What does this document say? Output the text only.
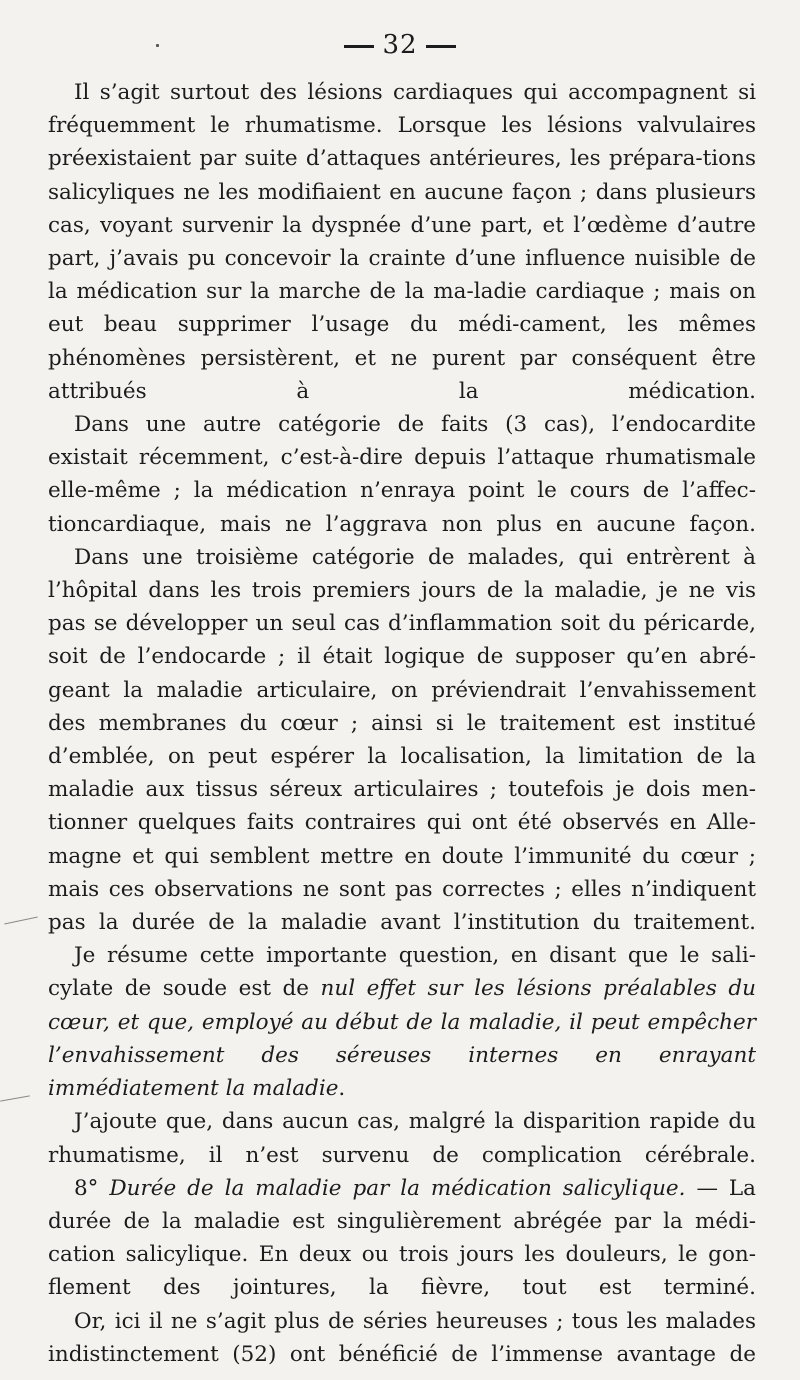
32

Il s’agit surtout des lésions cardiaques qui accompagnent si fréquemment le rhumatisme. Lorsque les lésions valvulaires préexistaient par suite d’attaques antérieures, les prépara-tions salicyliques ne les modifiaient en aucune façon ; dans plusieurs cas, voyant survenir la dyspnée d’une part, et l’œdème d’autre part, j’avais pu concevoir la crainte d’une influence nuisible de la médication sur la marche de la ma-ladie cardiaque ; mais on eut beau supprimer l’usage du médi-cament, les mêmes phénomènes persistèrent, et ne purent par conséquent être attribués à la médication.

Dans une autre catégorie de faits (3 cas), l’endocardite existait récemment, c’est-à-dire depuis l’attaque rhumatismale elle-même ; la médication n’enraya point le cours de l’affec-tioncardiaque, mais ne l’aggrava non plus en aucune façon.

Dans une troisième catégorie de malades, qui entrèrent à l’hôpital dans les trois premiers jours de la maladie, je ne vis pas se développer un seul cas d’inflammation soit du péricarde, soit de l’endocarde ; il était logique de supposer qu’en abré-geant la maladie articulaire, on préviendrait l’envahissement des membranes du cœur ; ainsi si le traitement est institué d’emblée, on peut espérer la localisation, la limitation de la maladie aux tissus séreux articulaires ; toutefois je dois men-tionner quelques faits contraires qui ont été observés en Alle-magne et qui semblent mettre en doute l’immunité du cœur ; mais ces observations ne sont pas correctes ; elles n’indiquent pas la durée de la maladie avant l’institution du traitement.

Je résume cette importante question, en disant que le sali-cylate de soude est de nul effet sur les lésions préalables du cœur, et que, employé au début de la maladie, il peut empêcher l’envahissement des séreuses internes en enrayant immédiatement la maladie.

J’ajoute que, dans aucun cas, malgré la disparition rapide du rhumatisme, il n’est survenu de complication cérébrale.

8° Durée de la maladie par la médication salicylique. — La durée de la maladie est singulièrement abrégée par la médi-cation salicylique. En deux ou trois jours les douleurs, le gon-flement des jointures, la fièvre, tout est terminé.

Or, ici il ne s’agit plus de séries heureuses ; tous les malades indistinctement (52) ont bénéficié de l’immense avantage de
